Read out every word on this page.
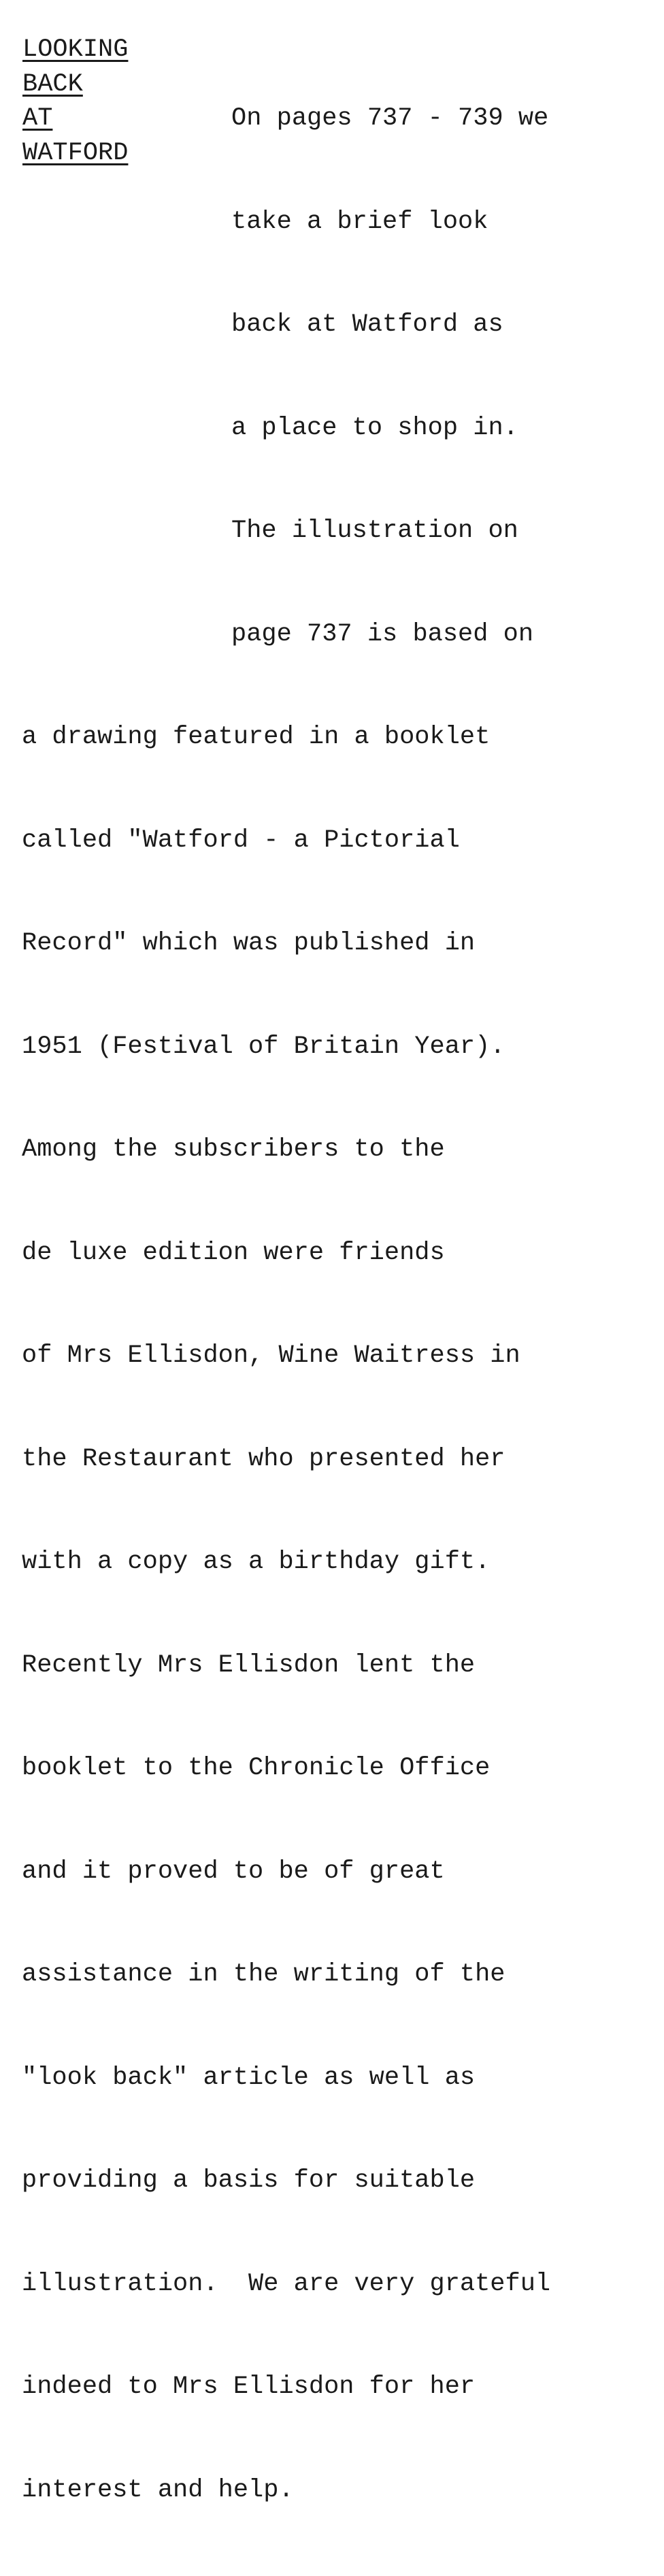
LOOKING
BACK
AT
WATFORD

On pages 737 - 739 we

take a brief look

back at Watford as

a place to shop in.

The illustration on

page 737 is based on

a drawing featured in a booklet

called "Watford - a Pictorial

Record" which was published in

1951 (Festival of Britain Year).

Among the subscribers to the

de luxe edition were friends

of Mrs Ellisdon, Wine Waitress in

the Restaurant who presented her

with a copy as a birthday gift.

Recently Mrs Ellisdon lent the

booklet to the Chronicle Office

and it proved to be of great

assistance in the writing of the

"look back" article as well as

providing a basis for suitable

illustration.  We are very grateful

indeed to Mrs Ellisdon for her

interest and help.
